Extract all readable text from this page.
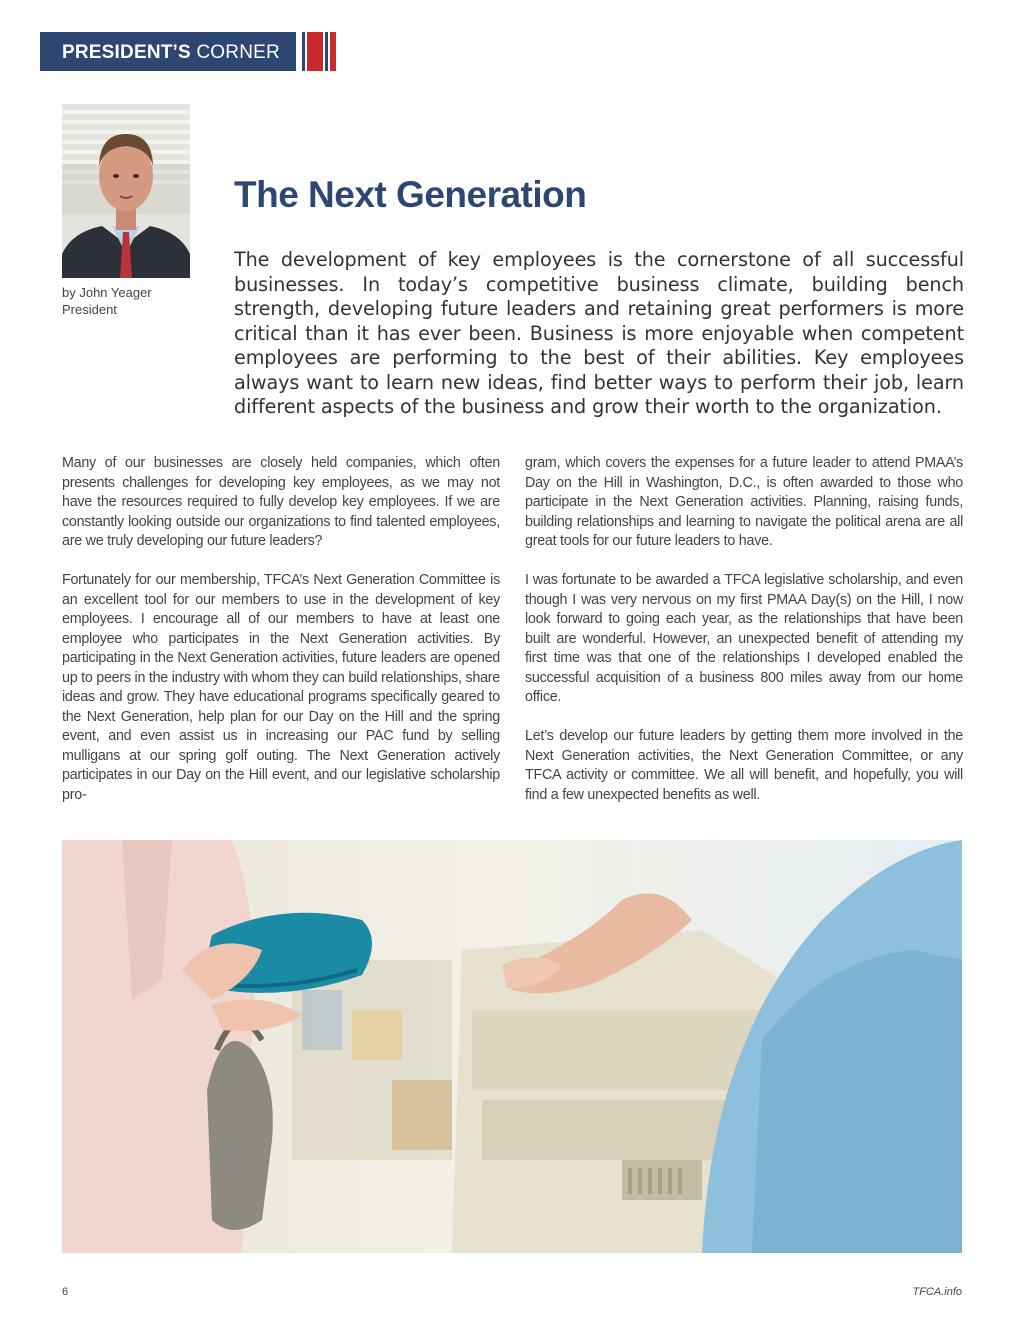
PRESIDENT’S CORNER
by John Yeager
President
The Next Generation
The development of key employees is the cornerstone of all successful businesses. In today’s competitive business climate, building bench strength, developing future leaders and retaining great performers is more critical than it has ever been. Business is more enjoyable when competent employees are performing to the best of their abilities. Key employees always want to learn new ideas, find better ways to perform their job, learn different aspects of the business and grow their worth to the organization.

Many of our businesses are closely held companies, which often presents challenges for developing key employees, as we may not have the resources required to fully develop key employees. If we are constantly looking outside our organizations to find talented employees, are we truly developing our future leaders?

Fortunately for our membership, TFCA’s Next Generation Committee is an excellent tool for our members to use in the development of key employees. I encourage all of our members to have at least one employee who participates in the Next Generation activities. By participating in the Next Generation activities, future leaders are opened up to peers in the industry with whom they can build relationships, share ideas and grow. They have educational programs specifically geared to the Next Generation, help plan for our Day on the Hill and the spring event, and even assist us in increasing our PAC fund by selling mulligans at our spring golf outing. The Next Generation actively participates in our Day on the Hill event, and our legislative scholarship pro-

gram, which covers the expenses for a future leader to attend PMAA’s Day on the Hill in Washington, D.C., is often awarded to those who participate in the Next Generation activities. Planning, raising funds, building relationships and learning to navigate the political arena are all great tools for our future leaders to have.

I was fortunate to be awarded a TFCA legislative scholarship, and even though I was very nervous on my first PMAA Day(s) on the Hill, I now look forward to going each year, as the relationships that have been built are wonderful. However, an unexpected benefit of attending my first time was that one of the relationships I developed enabled the successful acquisition of a business 800 miles away from our home office.

Let’s develop our future leaders by getting them more involved in the Next Generation activities, the Next Generation Committee, or any TFCA activity or committee. We all will benefit, and hopefully, you will find a few unexpected benefits as well.

6	TFCA.info
